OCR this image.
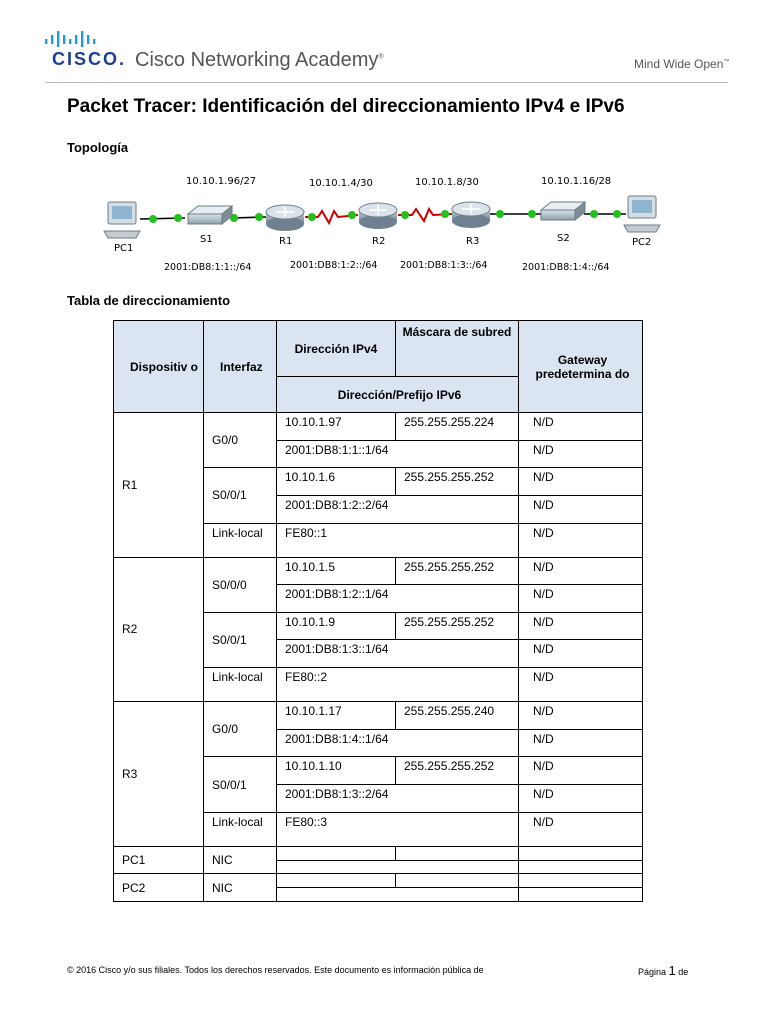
CISCO. Cisco Networking Academy®
Mind Wide Open™
Packet Tracer: Identificación del direccionamiento IPv4 e IPv6
Topología
10.10.1.96/27	10.10.1.4/30	10.10.1.8/30	10.10.1.16/28
PC1
S1	R1	R2	R3	S2	PC2
2001:DB8:1:1::/64	2001:DB8:1:2::/64 2001:DB8:1:3::/64	2001:DB8:1:4::/64
Tabla de direccionamiento
Dispositiv o	Interfaz	Dirección IPv4	Máscara de subred	Gateway predetermina do
		Dirección/Prefijo IPv6		
R1	G0/0	10.10.1.97	255.255.255.224	N/D
		2001:DB8:1:1::1/64		N/D
	S0/0/1	10.10.1.6	255.255.255.252	N/D
		2001:DB8:1:2::2/64		N/D
	Link-local	FE80::1		N/D
R2	S0/0/0	10.10.1.5	255.255.255.252	N/D
		2001:DB8:1:2::1/64		N/D
	S0/0/1	10.10.1.9	255.255.255.252	N/D
		2001:DB8:1:3::1/64		N/D
	Link-local	FE80::2		N/D
R3	G0/0	10.10.1.17	255.255.255.240	N/D
		2001:DB8:1:4::1/64		N/D
	S0/0/1	10.10.1.10	255.255.255.252	N/D
		2001:DB8:1:3::2/64		N/D
	Link-local	FE80::3		N/D
PC1	NIC			

PC2	NIC			

© 2016 Cisco y/o sus filiales. Todos los derechos reservados. Este documento es información pública de	Página 1 de
